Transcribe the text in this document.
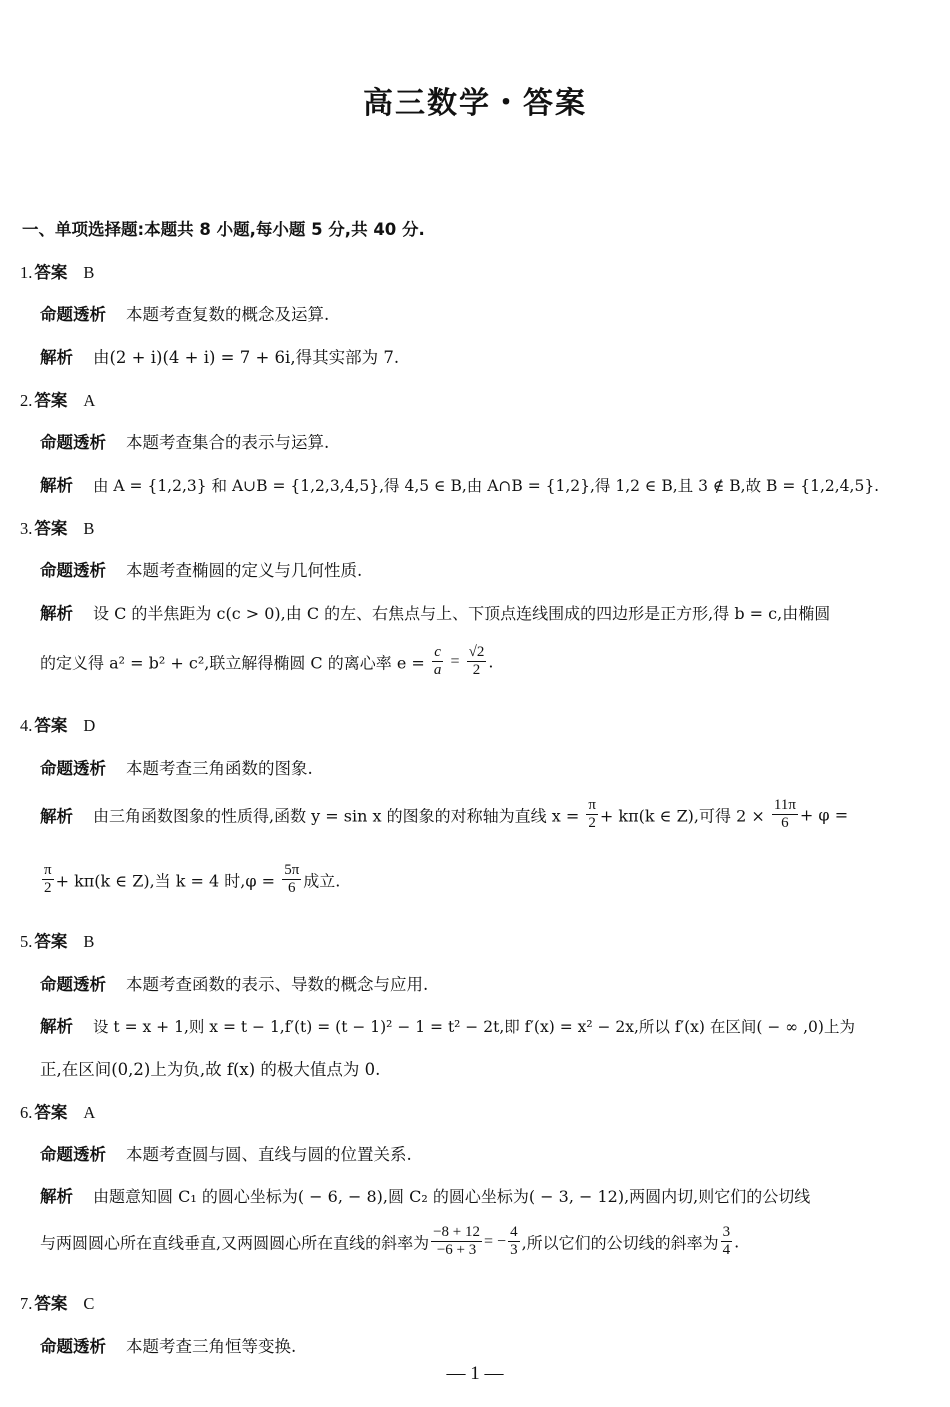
高三数学・答案
一、单项选择题:本题共 8 小题,每小题 5 分,共 40 分.
1. 答案 B
命题透析 本题考查复数的概念及运算.
解析 由(2 + i)(4 + i) = 7 + 6i,得其实部为 7.
2. 答案 A
命题透析 本题考查集合的表示与运算.
解析 由 A = {1,2,3} 和 A∪B = {1,2,3,4,5},得 4,5 ∈ B,由 A∩B = {1,2},得 1,2 ∈ B,且 3 ∉ B,故 B = {1,2,4,5}.
3. 答案 B
命题透析 本题考查椭圆的定义与几何性质.
解析 设 C 的半焦距为 c(c > 0),由 C 的左、右焦点与上、下顶点连线围成的四边形是正方形,得 b = c,由椭圆
的定义得 a² = b² + c²,联立解得椭圆 C 的离心率 $e = \frac{c}{a} = \frac{√2}{2}$ .
4. 答案 D
命题透析 本题考查三角函数的图象.
解析 由三角函数图象的性质得,函数 y = sin x 的图象的对称轴为直线 $x = \frac{\pi}{2} + k\pi(k$ ∈ Z),可得 $2 \times \frac{11\pi}{6} + \varphi$ =
$\frac{\pi}{2} + k\pi(k$ ∈ Z),当 k = 4 时$,\varphi = \frac{5\pi}{6}$ 成立.
5. 答案 B
命题透析 本题考查函数的表示、导数的概念与应用.
解析 设 t = x + 1,则 x = t − 1,f′(t) = (t − 1)² − 1 = t² − 2t,即 f′(x) = x² − 2x,所以 f′(x) 在区间( − ∞ ,0)上为
正,在区间(0,2)上为负,故 f(x) 的极大值点为 0.
6. 答案 A
命题透析 本题考查圆与圆、直线与圆的位置关系.
解析 由题意知圆 C₁ 的圆心坐标为( − 6, − 8),圆 C₂ 的圆心坐标为( − 3, − 12),两圆内切,则它们的公切线
与两圆圆心所在直线垂直,又两圆圆心所在直线的斜率为 $\frac{-8 + 12}{-6 + 3}$ = − $\frac{4}{3}$ ,所以它们的公切线的斜率为 $\frac{3}{4}$ .
7. 答案 C
命题透析 本题考查三角恒等变换.
— 1 —
